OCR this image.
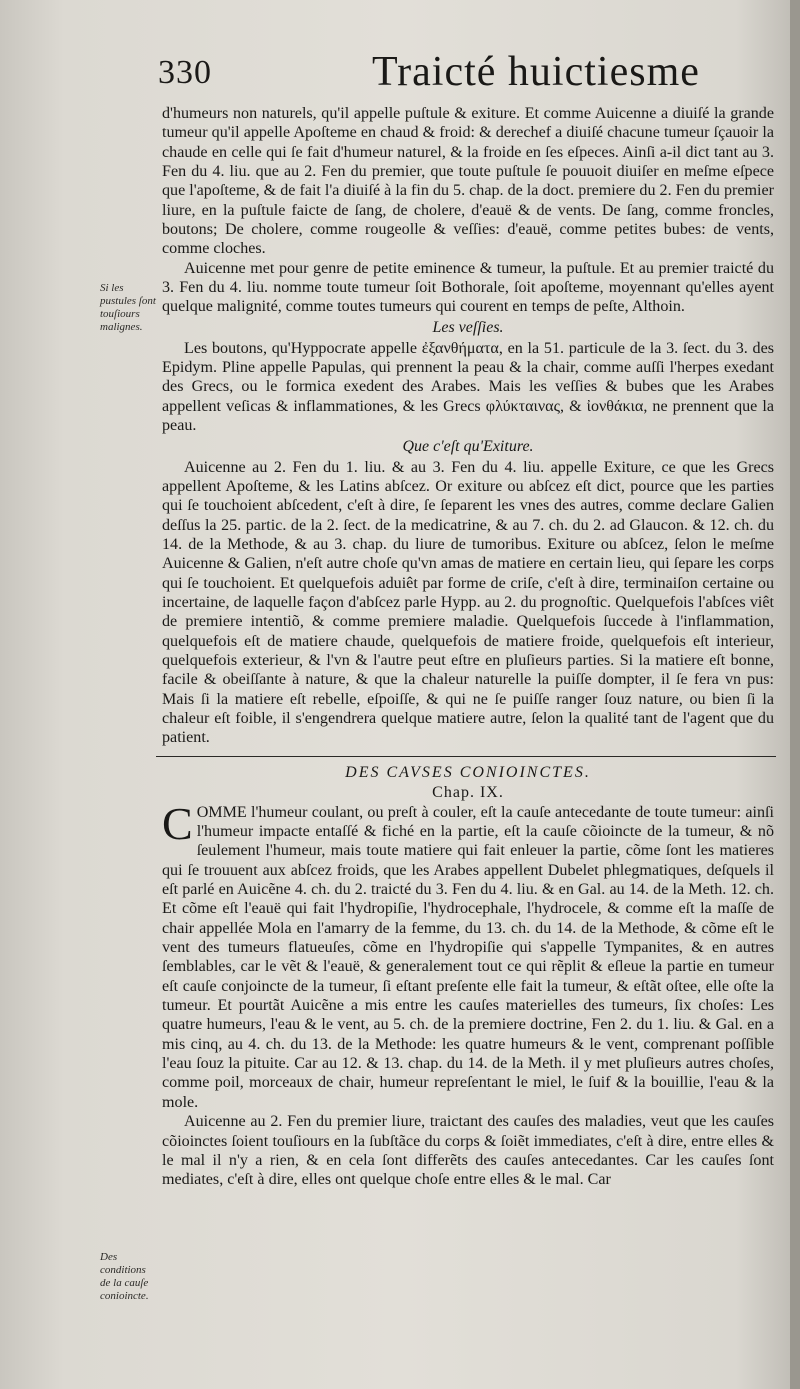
330	Traicté huictiesme
Si les pustules ſont touſiours malignes.
Des conditions de la cauſe conioincte.

d'humeurs non naturels, qu'il appelle puſtule & exiture. Et comme Auicenne a diuiſé la grande tumeur qu'il appelle Apoſteme en chaud & froid: & derechef a diuiſé chacune tumeur ſçauoir la chaude en celle qui ſe fait d'humeur naturel, & la froide en ſes eſpeces. Ainſi a-il dict tant au 3. Fen du 4. liu. que au 2. Fen du premier, que toute puſtule ſe pouuoit diuiſer en meſme eſpece que l'apoſteme, & de fait l'a diuiſé à la fin du 5. chap. de la doct. premiere du 2. Fen du premier liure, en la puſtule faicte de ſang, de cholere, d'eauë & de vents. De ſang, comme froncles, boutons; De cholere, comme rougeolle & veſſies: d'eauë, comme petites bubes: de vents, comme cloches.

Auicenne met pour genre de petite eminence & tumeur, la puſtule. Et au premier traicté du 3. Fen du 4. liu. nomme toute tumeur ſoit Bothorale, ſoit apoſteme, moyennant qu'elles ayent quelque malignité, comme toutes tumeurs qui courent en temps de peſte, Althoin.

Les veſſies.

Les boutons, qu'Hyppocrate appelle ἐξανθήματα, en la 51. particule de la 3. ſect. du 3. des Epidym. Pline appelle Papulas, qui prennent la peau & la chair, comme auſſi l'herpes exedant des Grecs, ou le formica exedent des Arabes. Mais les veſſies & bubes que les Arabes appellent veſicas & inflammationes, & les Grecs φλύκταινας, & ἰονθάκια, ne prennent que la peau.

Que c'eſt qu'Exiture.

Auicenne au 2. Fen du 1. liu. & au 3. Fen du 4. liu. appelle Exiture, ce que les Grecs appellent Apoſteme, & les Latins abſcez. Or exiture ou abſcez eſt dict, pource que les parties qui ſe touchoient abſcedent, c'eſt à dire, ſe ſeparent les vnes des autres, comme declare Galien deſſus la 25. partic. de la 2. ſect. de la medicatrine, & au 7. ch. du 2. ad Glaucon. & 12. ch. du 14. de la Methode, & au 3. chap. du liure de tumoribus. Exiture ou abſcez, ſelon le meſme Auicenne & Galien, n'eſt autre choſe qu'vn amas de matiere en certain lieu, qui ſepare les corps qui ſe touchoient. Et quelquefois aduiêt par forme de criſe, c'eſt à dire, terminaiſon certaine ou incertaine, de laquelle façon d'abſcez parle Hypp. au 2. du prognoſtic. Quelquefois l'abſces viêt de premiere intentiõ, & comme premiere maladie. Quelquefois ſuccede à l'inflammation, quelquefois eſt de matiere chaude, quelquefois de matiere froide, quelquefois eſt interieur, quelquefois exterieur, & l'vn & l'autre peut eſtre en pluſieurs parties. Si la matiere eſt bonne, facile & obeiſſante à nature, & que la chaleur naturelle la puiſſe dompter, il ſe fera vn pus: Mais ſi la matiere eſt rebelle, eſpoiſſe, & qui ne ſe puiſſe ranger ſouz nature, ou bien ſi la chaleur eſt foible, il s'engendrera quelque matiere autre, ſelon la qualité tant de l'agent que du patient.

DES CAVSES CONIOINCTES.
Chap. IX.

COMME l'humeur coulant, ou preſt à couler, eſt la cauſe antecedante de toute tumeur: ainſi l'humeur impacte entaſſé & fiché en la partie, eſt la cauſe cõioincte de la tumeur, & nõ ſeulement l'humeur, mais toute matiere qui fait enleuer la partie, cõme ſont les matieres qui ſe trouuent aux abſcez froids, que les Arabes appellent Dubelet phlegmatiques, deſquels il eſt parlé en Auicẽne 4. ch. du 2. traicté du 3. Fen du 4. liu. & en Gal. au 14. de la Meth. 12. ch. Et cõme eſt l'eauë qui fait l'hydropiſie, l'hydrocephale, l'hydrocele, & comme eſt la maſſe de chair appellée Mola en l'amarry de la femme, du 13. ch. du 14. de la Methode, & cõme eſt le vent des tumeurs flatueuſes, cõme en l'hydropiſie qui s'appelle Tympanites, & en autres ſemblables, car le vẽt & l'eauë, & generalement tout ce qui rẽplit & eſleue la partie en tumeur eſt cauſe conjoincte de la tumeur, ſi eſtant preſente elle fait la tumeur, & eſtãt oſtee, elle oſte la tumeur. Et pourtãt Auicẽne a mis entre les cauſes materielles des tumeurs, ſix choſes: Les quatre humeurs, l'eau & le vent, au 5. ch. de la premiere doctrine, Fen 2. du 1. liu. & Gal. en a mis cinq, au 4. ch. du 13. de la Methode: les quatre humeurs & le vent, comprenant poſſible l'eau ſouz la pituite. Car au 12. & 13. chap. du 14. de la Meth. il y met pluſieurs autres choſes, comme poil, morceaux de chair, humeur repreſentant le miel, le ſuif & la bouillie, l'eau & la mole.

Auicenne au 2. Fen du premier liure, traictant des cauſes des maladies, veut que les cauſes cõioinctes ſoient touſiours en la ſubſtãce du corps & ſoiẽt immediates, c'eſt à dire, entre elles & le mal il n'y a rien, & en cela ſont differẽts des cauſes antecedantes. Car les cauſes ſont mediates, c'eſt à dire, elles ont quelque choſe entre elles & le mal. Car
